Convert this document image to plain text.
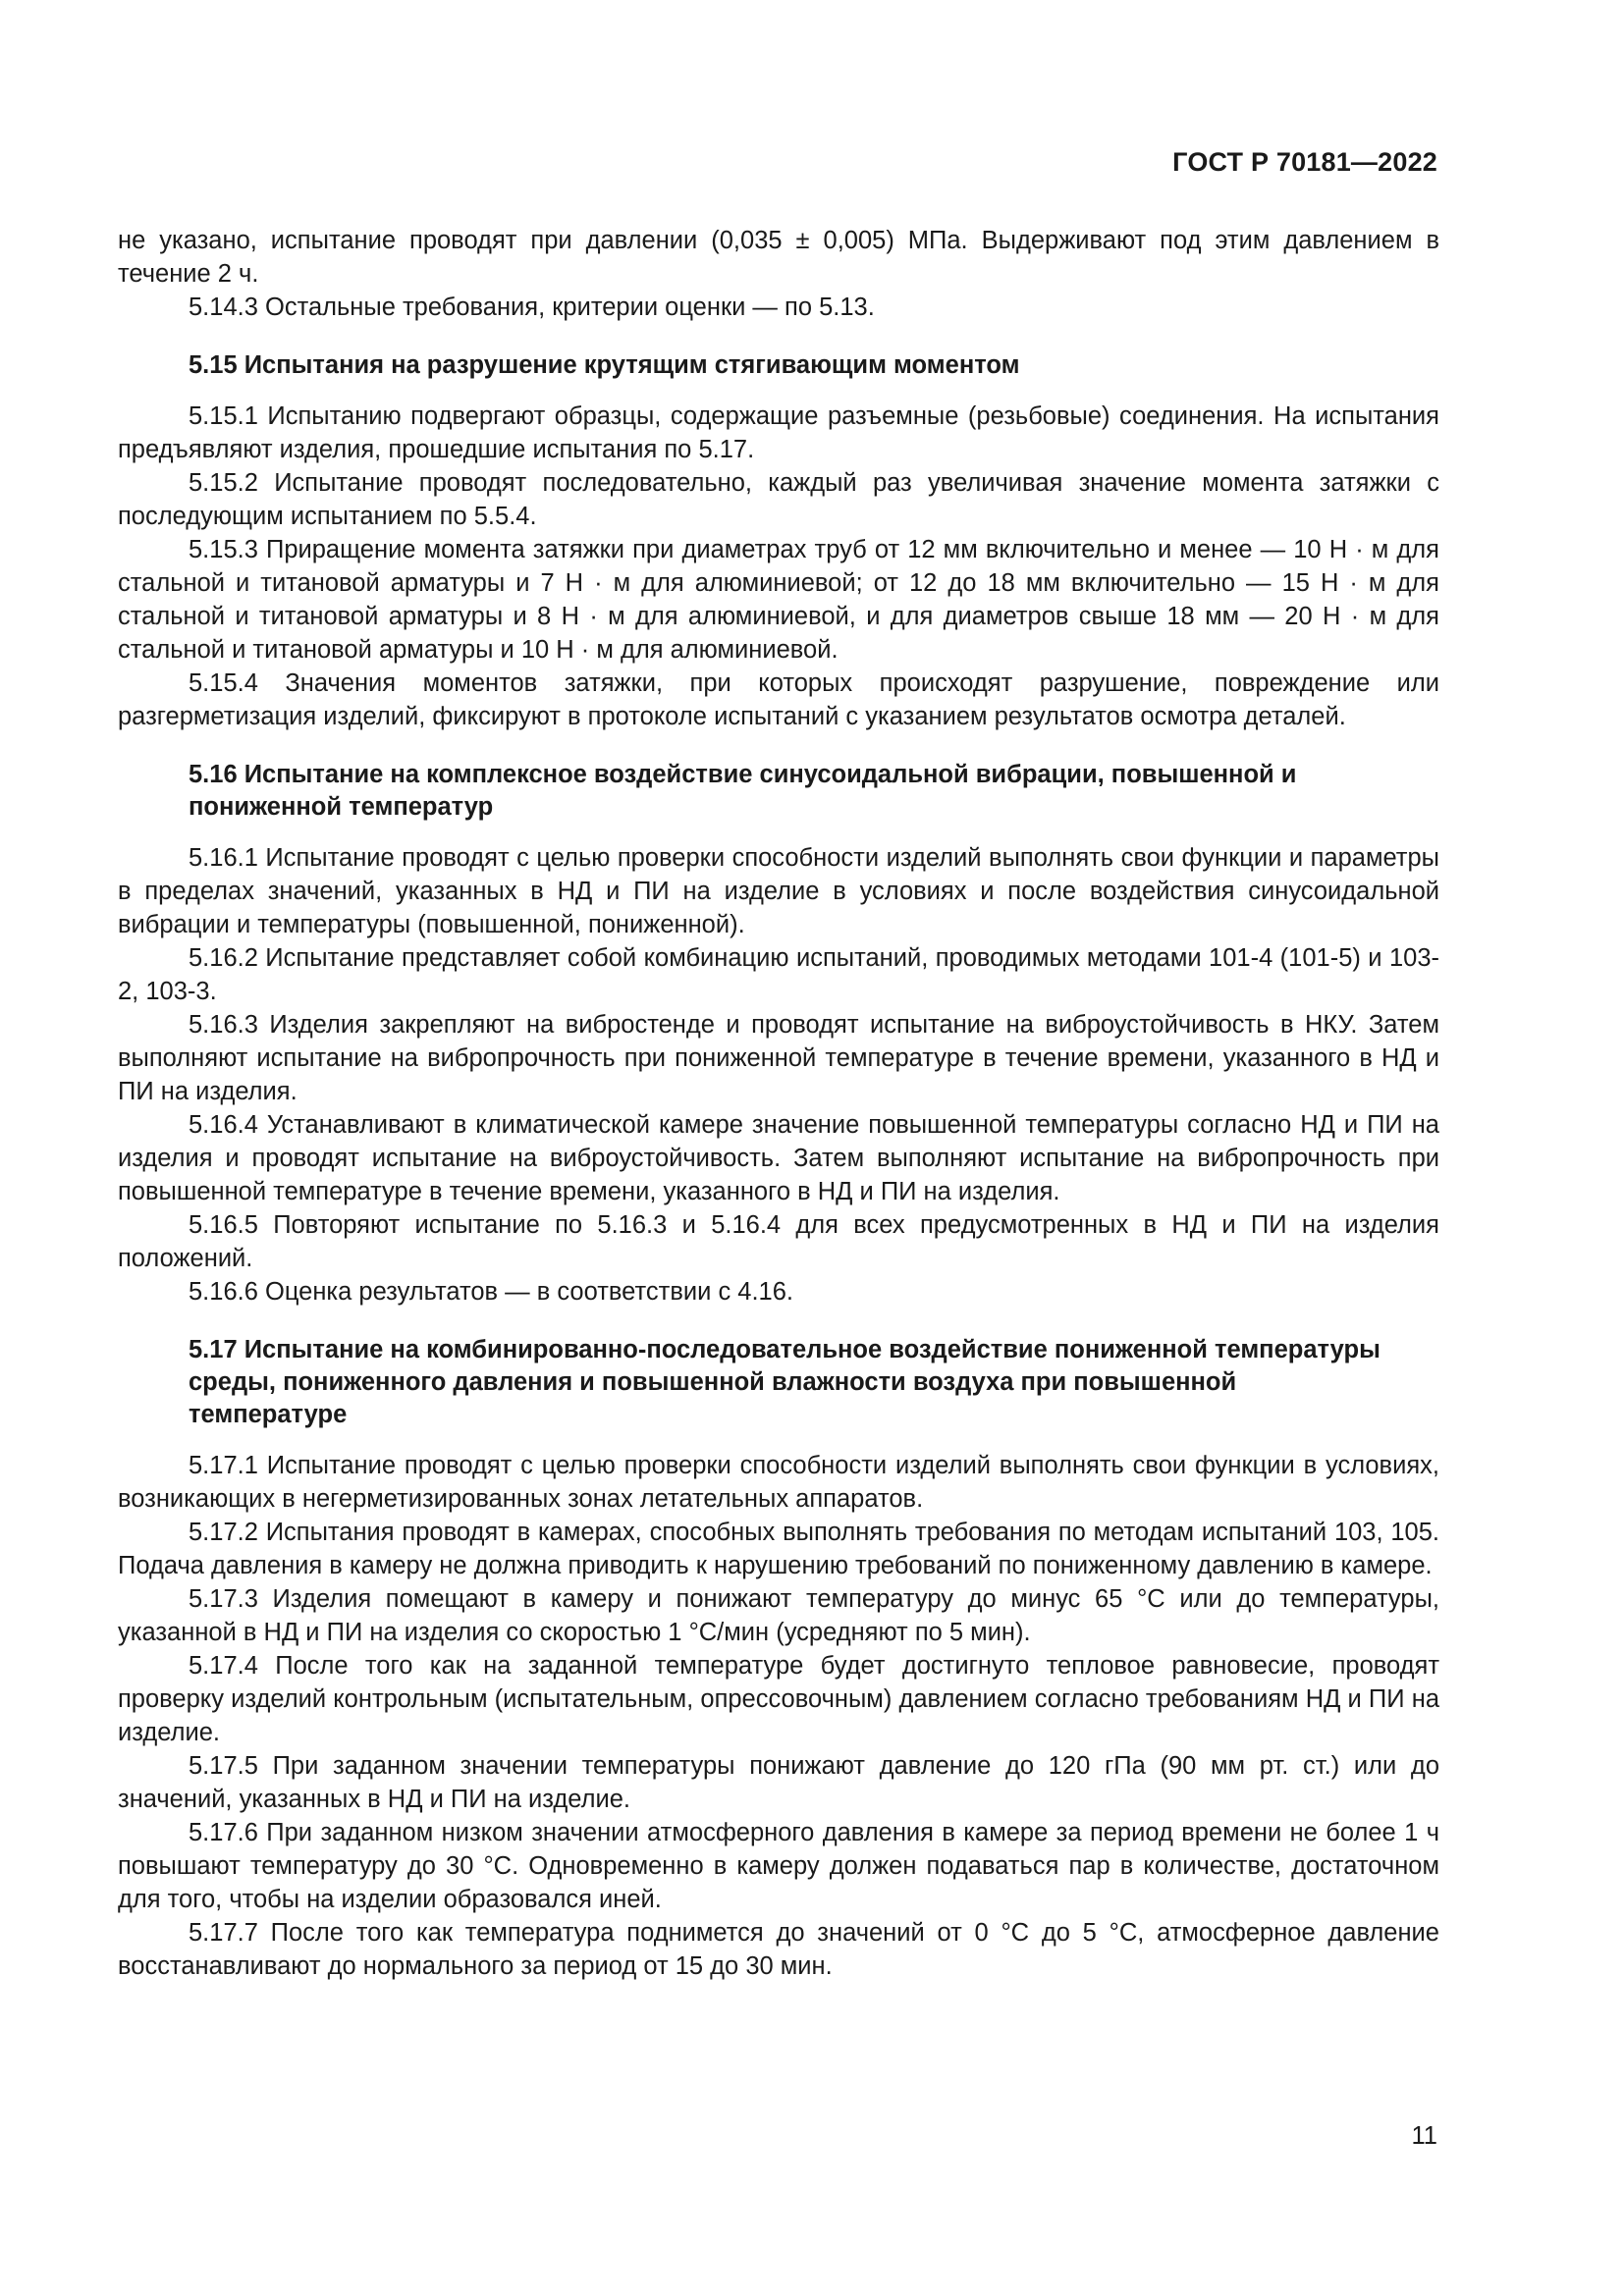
ГОСТ Р 70181—2022

не указано, испытание проводят при давлении (0,035 ± 0,005) МПа. Выдерживают под этим давлением в течение 2 ч.

5.14.3 Остальные требования, критерии оценки — по 5.13.

5.15 Испытания на разрушение крутящим стягивающим моментом

5.15.1 Испытанию подвергают образцы, содержащие разъемные (резьбовые) соединения. На испытания предъявляют изделия, прошедшие испытания по 5.17.

5.15.2 Испытание проводят последовательно, каждый раз увеличивая значение момента затяжки с последующим испытанием по 5.5.4.

5.15.3 Приращение момента затяжки при диаметрах труб от 12 мм включительно и менее — 10 Н · м для стальной и титановой арматуры и 7 Н · м для алюминиевой; от 12 до 18 мм включительно — 15 Н · м для стальной и титановой арматуры и 8 Н · м для алюминиевой, и для диаметров свыше 18 мм — 20 Н · м для стальной и титановой арматуры и 10 Н · м для алюминиевой.

5.15.4 Значения моментов затяжки, при которых происходят разрушение, повреждение или разгерметизация изделий, фиксируют в протоколе испытаний с указанием результатов осмотра деталей.

5.16 Испытание на комплексное воздействие синусоидальной вибрации, повышенной и пониженной температур

5.16.1 Испытание проводят с целью проверки способности изделий выполнять свои функции и параметры в пределах значений, указанных в НД и ПИ на изделие в условиях и после воздействия синусоидальной вибрации и температуры (повышенной, пониженной).

5.16.2 Испытание представляет собой комбинацию испытаний, проводимых методами 101-4 (101-5) и 103-2, 103-3.

5.16.3 Изделия закрепляют на вибростенде и проводят испытание на виброустойчивость в НКУ. Затем выполняют испытание на вибропрочность при пониженной температуре в течение времени, указанного в НД и ПИ на изделия.

5.16.4 Устанавливают в климатической камере значение повышенной температуры согласно НД и ПИ на изделия и проводят испытание на виброустойчивость. Затем выполняют испытание на вибропрочность при повышенной температуре в течение времени, указанного в НД и ПИ на изделия.

5.16.5 Повторяют испытание по 5.16.3 и 5.16.4 для всех предусмотренных в НД и ПИ на изделия положений.

5.16.6 Оценка результатов — в соответствии с 4.16.

5.17 Испытание на комбинированно-последовательное воздействие пониженной температуры среды, пониженного давления и повышенной влажности воздуха при повышенной температуре

5.17.1 Испытание проводят с целью проверки способности изделий выполнять свои функции в условиях, возникающих в негерметизированных зонах летательных аппаратов.

5.17.2 Испытания проводят в камерах, способных выполнять требования по методам испытаний 103, 105. Подача давления в камеру не должна приводить к нарушению требований по пониженному давлению в камере.

5.17.3 Изделия помещают в камеру и понижают температуру до минус 65 °С или до температуры, указанной в НД и ПИ на изделия со скоростью 1 °С/мин (усредняют по 5 мин).

5.17.4 После того как на заданной температуре будет достигнуто тепловое равновесие, проводят проверку изделий контрольным (испытательным, опрессовочным) давлением согласно требованиям НД и ПИ на изделие.

5.17.5 При заданном значении температуры понижают давление до 120 гПа (90 мм рт. ст.) или до значений, указанных в НД и ПИ на изделие.

5.17.6 При заданном низком значении атмосферного давления в камере за период времени не более 1 ч повышают температуру до 30 °С. Одновременно в камеру должен подаваться пар в количестве, достаточном для того, чтобы на изделии образовался иней.

5.17.7 После того как температура поднимется до значений от 0 °С до 5 °С, атмосферное давление восстанавливают до нормального за период от 15 до 30 мин.

11
